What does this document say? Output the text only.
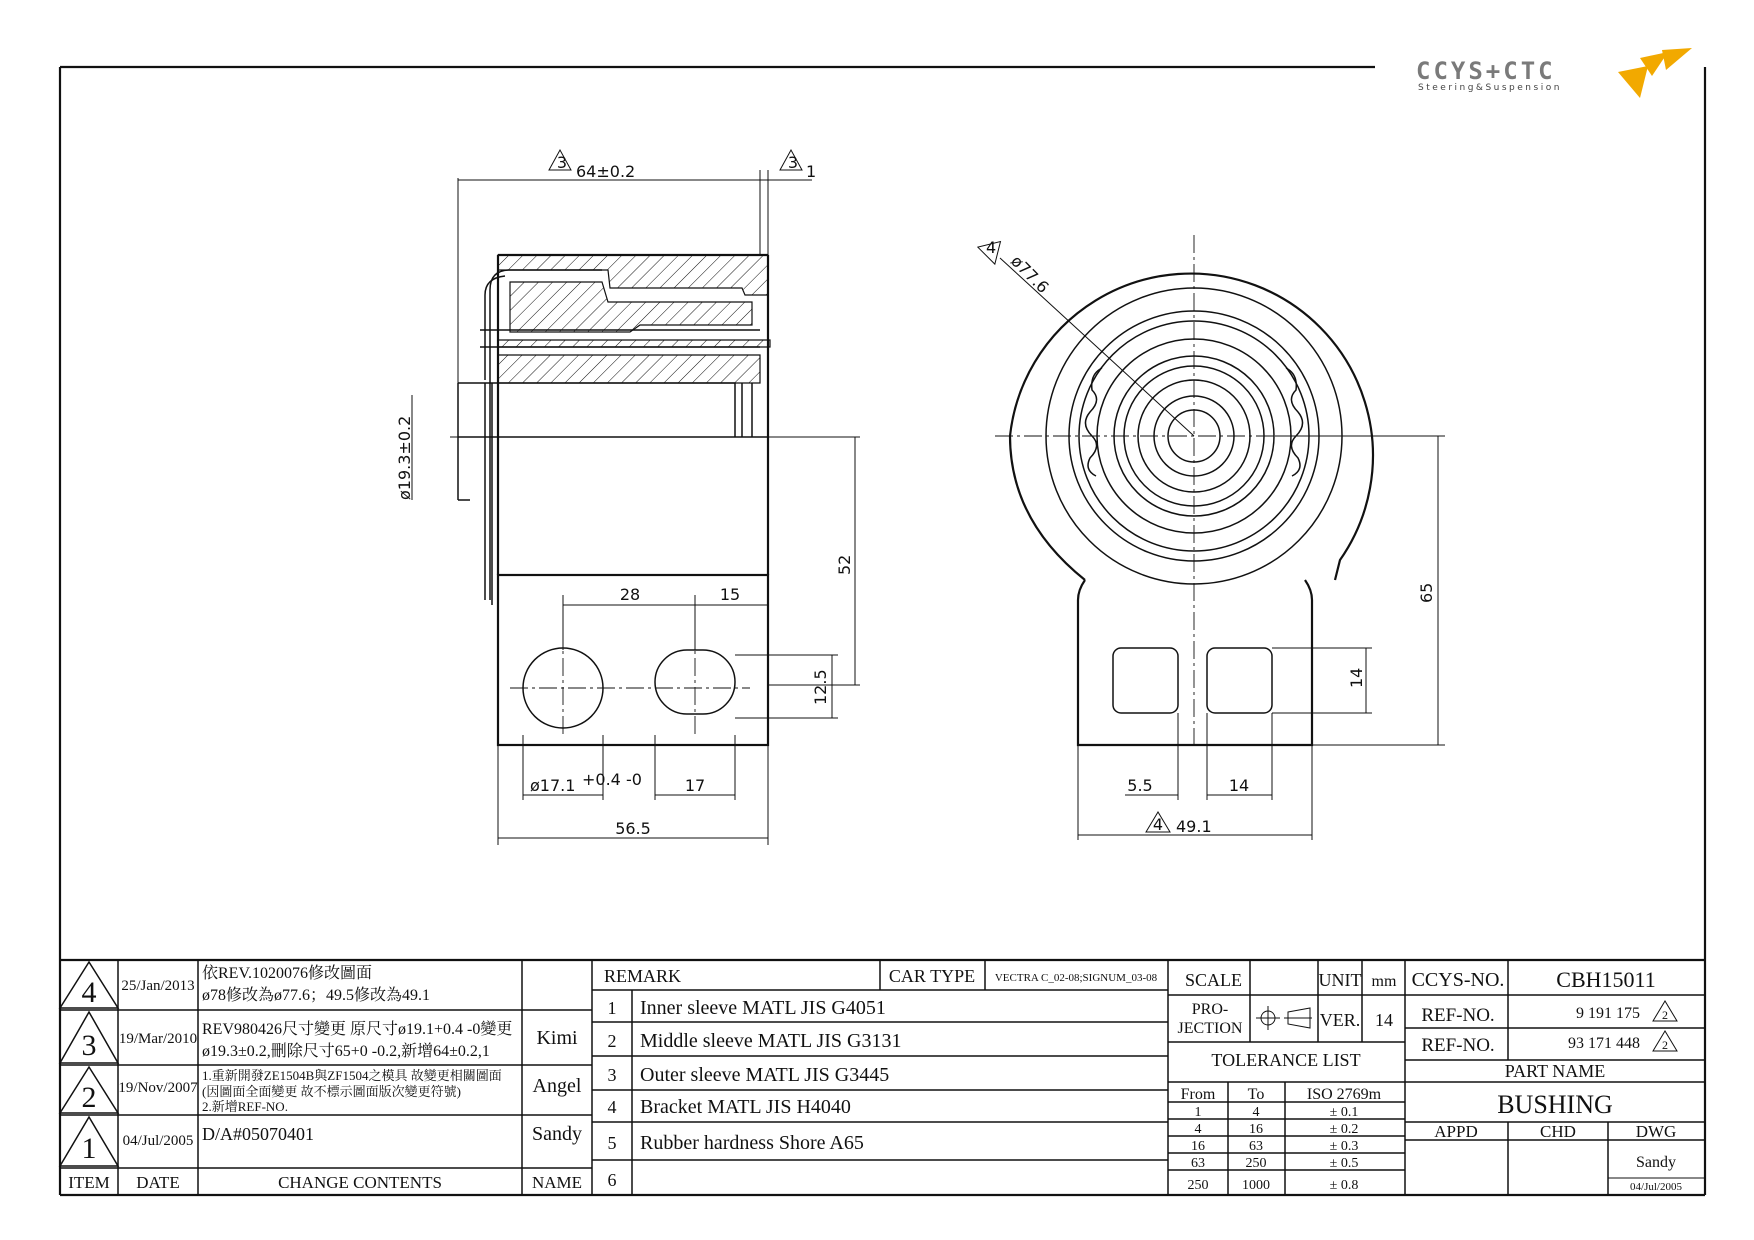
CCYS+CTC
Steering&Suspension
3 64±0.2	3 1
ø19.3±0.2
28	15
52
12.5
ø17.1 +0.4 -0	17
56.5
4
ø77.6
65
14
5.5	14
4 49.1
4 25/Jan/2013
依REV.1020076修改圖面
ø78修改為ø77.6；49.5修改為49.1
3 19/Mar/2010
REV980426尺寸變更 原尺寸ø19.1+0.4 -0變更
ø19.3±0.2,刪除尺寸65+0 -0.2,新增64±0.2,1
Kimi
2 19/Nov/2007
1.重新開發ZE1504B與ZF1504之模具 故變更相關圖面
(因圖面全面變更 故不標示圖面版次變更符號)
2.新增REF-NO.
Angel
1 04/Jul/2005 D/A#05070401	Sandy
ITEM DATE	CHANGE CONTENTS	NAME
REMARK	CAR TYPE VECTRA C_02-08;SIGNUM_03-08
1 Inner sleeve MATL JIS G4051
2 Middle sleeve MATL JIS G3131
3 Outer sleeve MATL JIS G3445
4 Bracket MATL JIS H4040
5 Rubber hardness Shore A65
6
SCALE	UNIT mm
PRO-
JECTION	VER. 14
TOLERANCE LIST
From To	ISO 2769m
1	4	± 0.1
4	16	± 0.2
16	63	± 0.3
63	250	± 0.5
250 1000	± 0.8
CCYS-NO. CBH15011
REF-NO.	9 191 175 2
REF-NO.	93 171 448 2
PART NAME
BUSHING
APPD	CHD	DWG
Sandy
04/Jul/2005
